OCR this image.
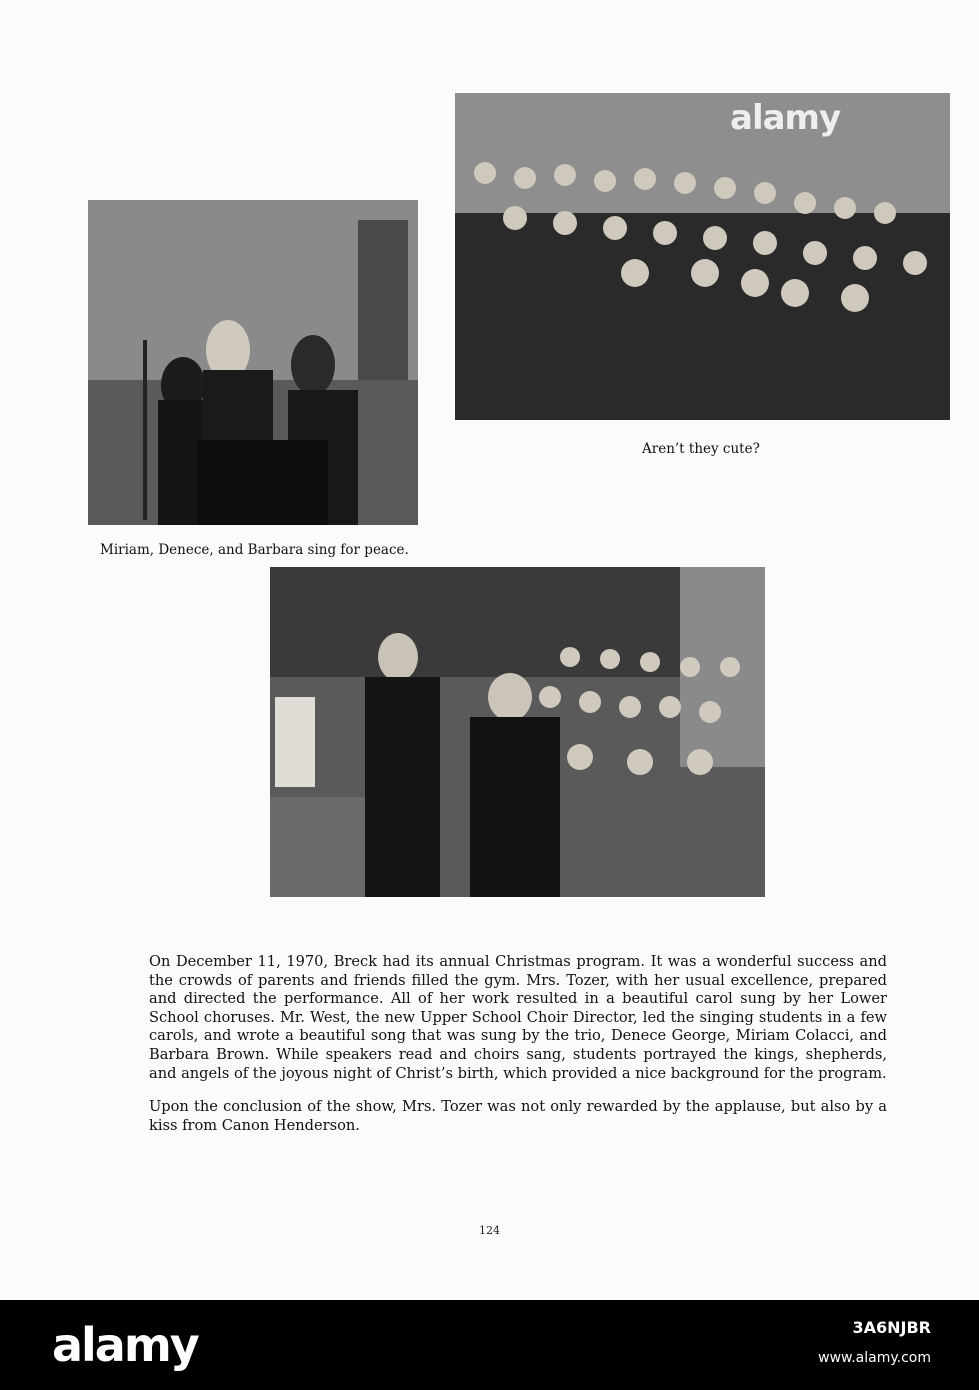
alamy
Aren’t they cute?
Miriam, Denece, and Barbara sing for peace.

On December 11, 1970, Breck had its annual Christmas program. It was a wonderful success and the crowds of parents and friends filled the gym. Mrs. Tozer, with her usual excellence, prepared and directed the performance. All of her work resulted in a beautiful carol sung by her Lower School choruses. Mr. West, the new Upper School Choir Director, led the singing students in a few carols, and wrote a beautiful song that was sung by the trio, Denece George, Miriam Colacci, and Barbara Brown. While speakers read and choirs sang, students portrayed the kings, shepherds, and angels of the joyous night of Christ’s birth, which provided a nice background for the program.

Upon the conclusion of the show, Mrs. Tozer was not only rewarded by the applause, but also by a kiss from Canon Henderson.

124
alamy	3A6NJBR
www.alamy.com
